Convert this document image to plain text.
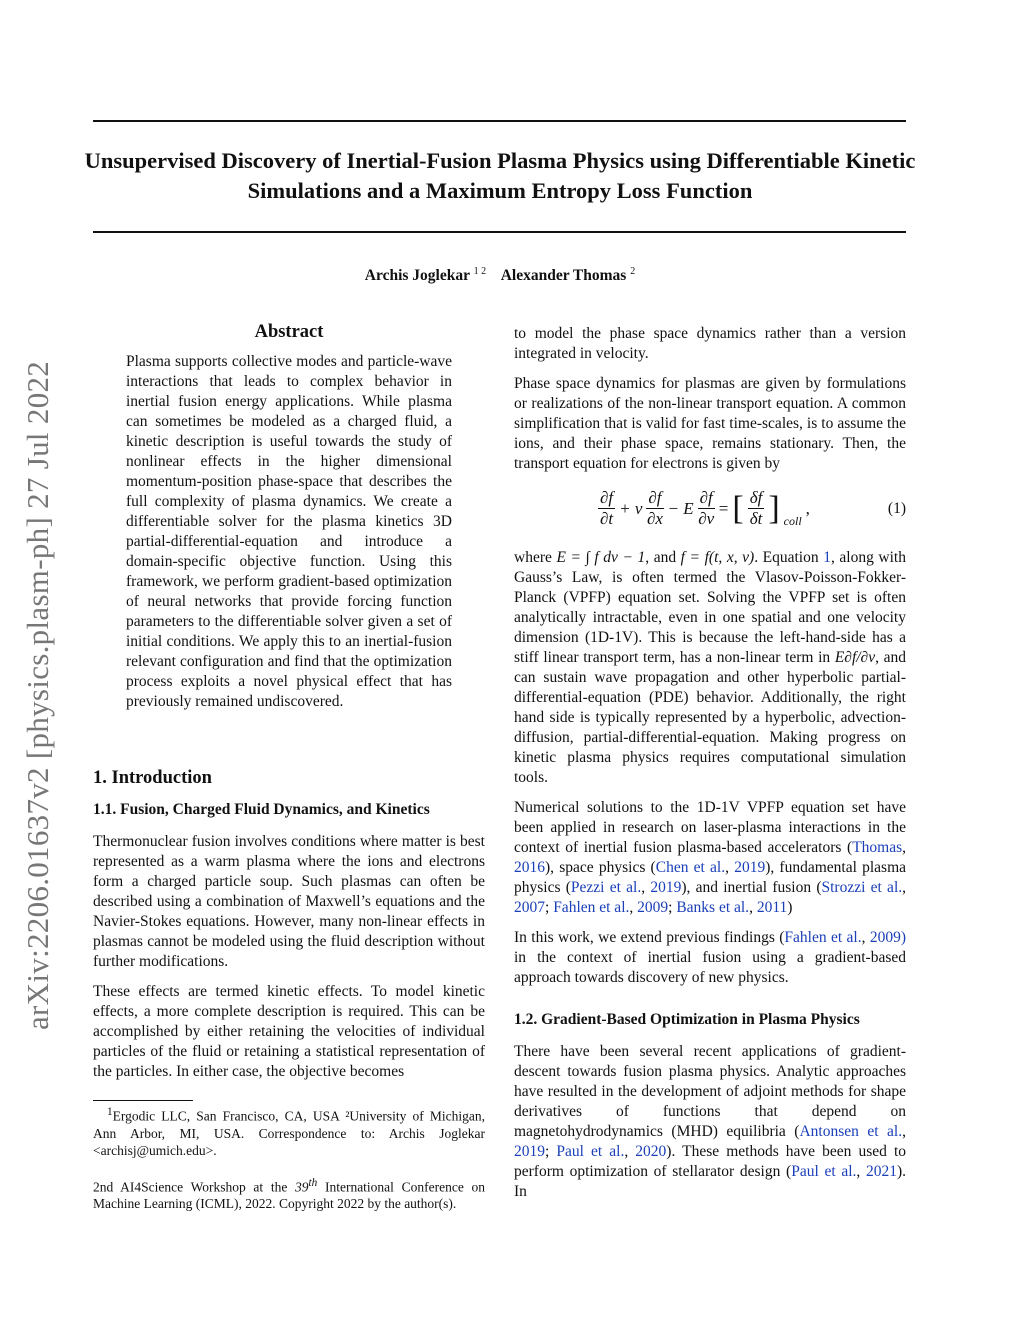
arXiv:2206.01637v2 [physics.plasm-ph] 27 Jul 2022
Unsupervised Discovery of Inertial-Fusion Plasma Physics using Differentiable Kinetic Simulations and a Maximum Entropy Loss Function
Archis Joglekar $^{1 2}$ Alexander Thomas $^2$
Abstract

Plasma supports collective modes and particle-wave interactions that leads to complex behavior in inertial fusion energy applications. While plasma can sometimes be modeled as a charged fluid, a kinetic description is useful towards the study of nonlinear effects in the higher dimensional momentum-position phase-space that describes the full complexity of plasma dynamics. We create a differentiable solver for the plasma kinetics 3D partial-differential-equation and introduce a domain-specific objective function. Using this framework, we perform gradient-based optimization of neural networks that provide forcing function parameters to the differentiable solver given a set of initial conditions. We apply this to an inertial-fusion relevant configuration and find that the optimization process exploits a novel physical effect that has previously remained undiscovered.

1. Introduction
1.1. Fusion, Charged Fluid Dynamics, and Kinetics

Thermonuclear fusion involves conditions where matter is best represented as a warm plasma where the ions and electrons form a charged particle soup. Such plasmas can often be described using a combination of Maxwell’s equations and the Navier-Stokes equations. However, many non-linear effects in plasmas cannot be modeled using the fluid description without further modifications.

These effects are termed kinetic effects. To model kinetic effects, a more complete description is required. This can be accomplished by either retaining the velocities of individual particles of the fluid or retaining a statistical representation of the particles. In either case, the objective becomes

to model the phase space dynamics rather than a version integrated in velocity.

Phase space dynamics for plasmas are given by formulations or realizations of the non-linear transport equation. A common simplification that is valid for fast time-scales, is to assume the ions, and their phase space, remains stationary. Then, the transport equation for electrons is given by

$\frac{\partial f}{\partial t} + v \frac{\partial f}{\partial x} - E \frac{\partial f}{\partial v}$ = [ $\frac{\delta f}{\delta t}$ ] $_{coll}$
,	(1)

where E = ∫ f dv − 1, and f = f(t, x, v). Equation 1, along with Gauss’s Law, is often termed the Vlasov-Poisson-Fokker-Planck (VPFP) equation set. Solving the VPFP set is often analytically intractable, even in one spatial and one velocity dimension (1D-1V). This is because the left-hand-side has a stiff linear transport term, has a non-linear term in E∂f/∂v, and can sustain wave propagation and other hyperbolic partial-differential-equation (PDE) behavior. Additionally, the right hand side is typically represented by a hyperbolic, advection-diffusion, partial-differential-equation. Making progress on kinetic plasma physics requires computational simulation tools.

Numerical solutions to the 1D-1V VPFP equation set have been applied in research on laser-plasma interactions in the context of inertial fusion plasma-based accelerators (Thomas, 2016), space physics (Chen et al., 2019), fundamental plasma physics (Pezzi et al., 2019), and inertial fusion (Strozzi et al., 2007; Fahlen et al., 2009; Banks et al., 2011)

In this work, we extend previous findings (Fahlen et al., 2009) in the context of inertial fusion using a gradient-based approach towards discovery of new physics.

1.2. Gradient-Based Optimization in Plasma Physics

There have been several recent applications of gradient-descent towards fusion plasma physics. Analytic approaches have resulted in the development of adjoint methods for shape derivatives of functions that depend on magnetohydrodynamics (MHD) equilibria (Antonsen et al., 2019; Paul et al., 2020). These methods have been used to perform optimization of stellarator design (Paul et al., 2021). In

$^1$Ergodic LLC, San Francisco, CA, USA ²University of Michigan, Ann Arbor, MI, USA. Correspondence to: Archis Joglekar <archisj@umich.edu>.
2nd AI4Science Workshop at the 39th International Conference on Machine Learning (ICML), 2022. Copyright 2022 by the author(s).
